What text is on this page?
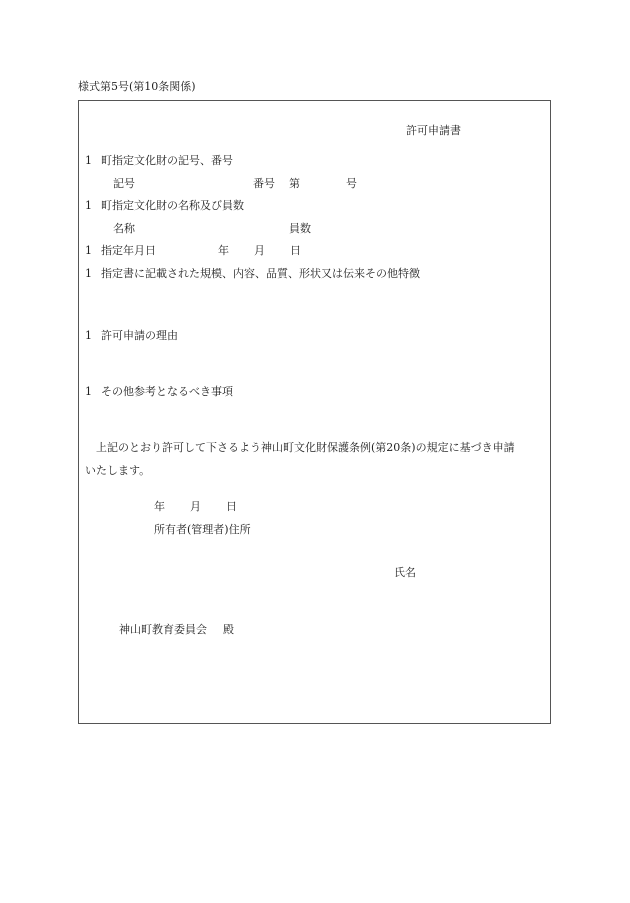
様式第5号(第10条関係)
許可申請書
1 町指定文化財の記号、番号
記号	番号 第	号
1 町指定文化財の名称及び員数
名称	員数
1 指定年月日	年 月 日
1 指定書に記載された規模、内容、品質、形状又は伝来その他特徴
1 許可申請の理由
1 その他参考となるべき事項
上記のとおり許可して下さるよう神山町文化財保護条例(第20条)の規定に基づき申請
いたします。
年 月 日
所有者(管理者)住所
氏名
神山町教育委員会 殿
